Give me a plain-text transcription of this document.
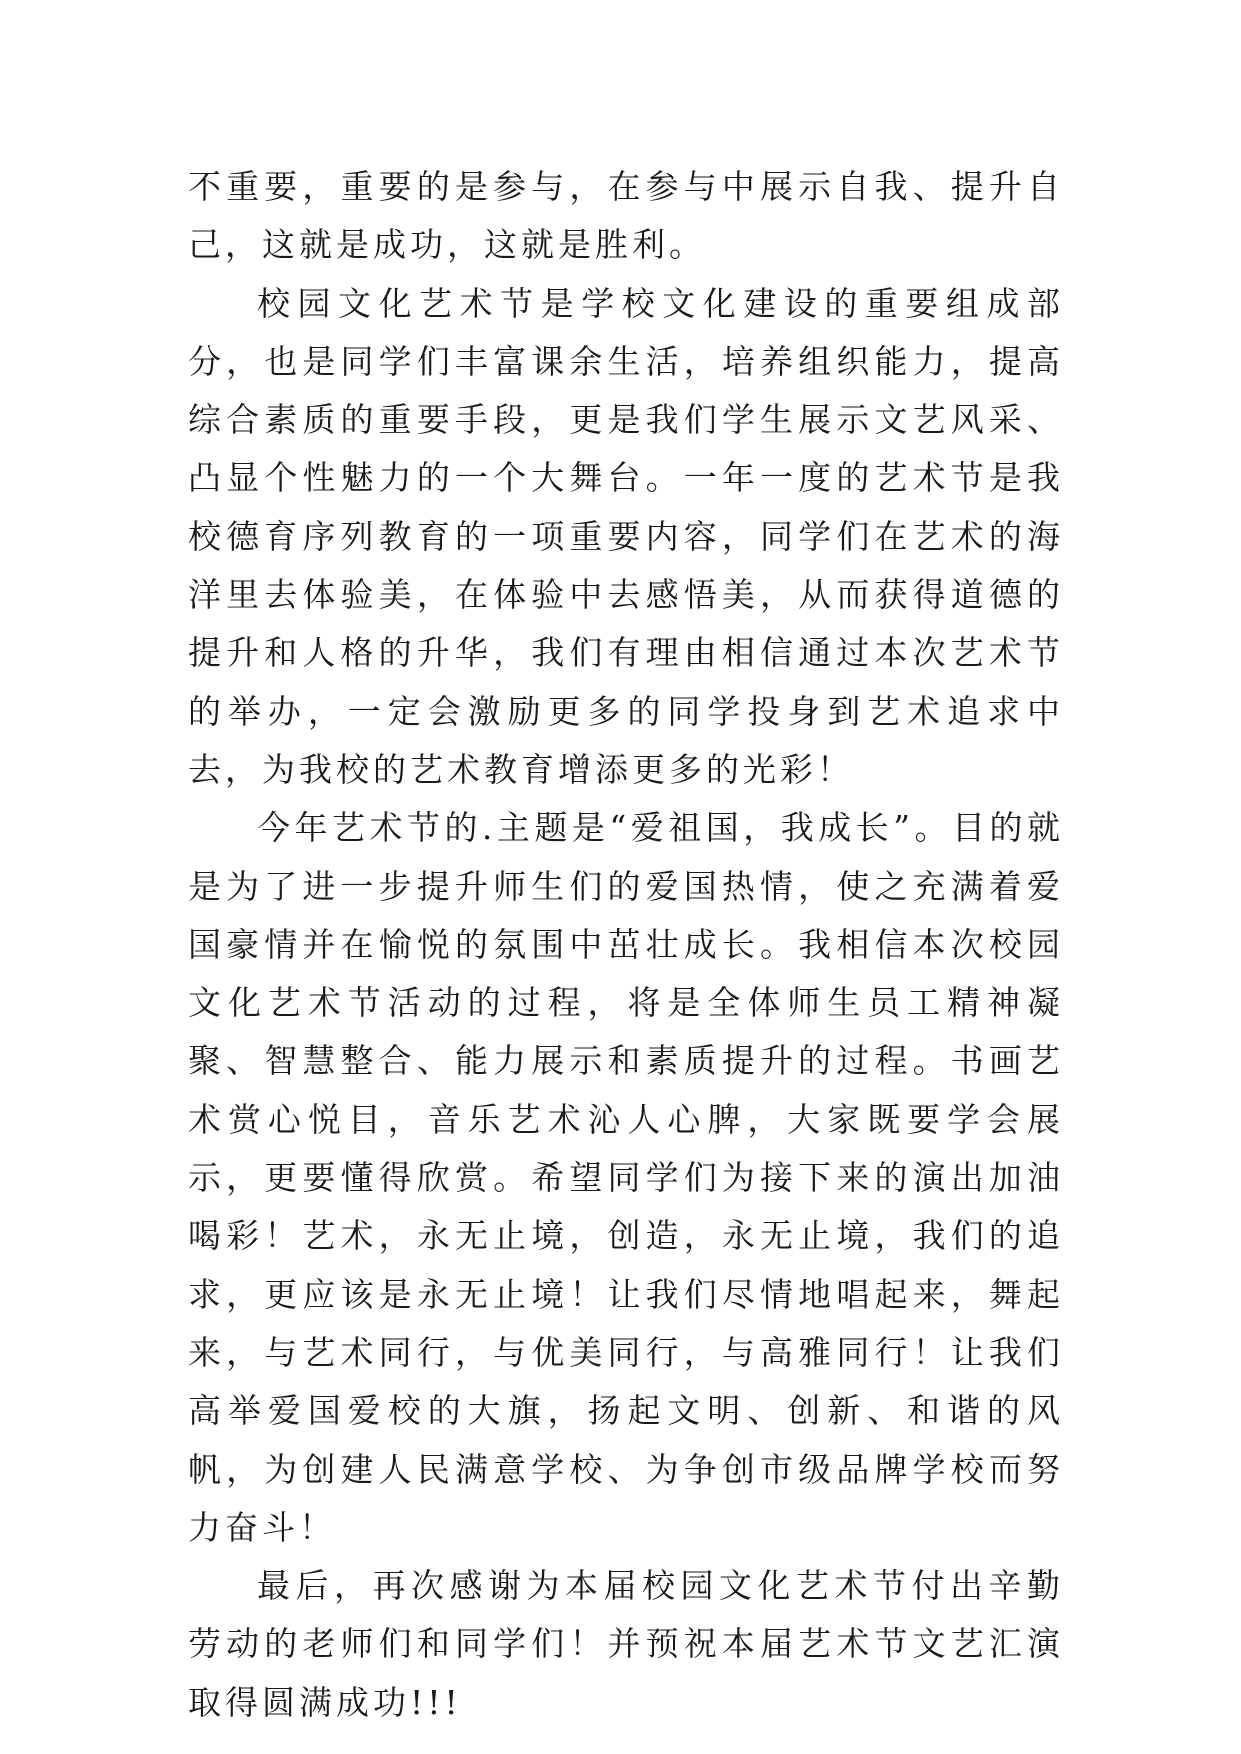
不重要，重要的是参与，在参与中展示自我、提升自己，这就是成功，这就是胜利。

校园文化艺术节是学校文化建设的重要组成部分，也是同学们丰富课余生活，培养组织能力，提高综合素质的重要手段，更是我们学生展示文艺风采、凸显个性魅力的一个大舞台。一年一度的艺术节是我校德育序列教育的一项重要内容，同学们在艺术的海洋里去体验美，在体验中去感悟美，从而获得道德的提升和人格的升华，我们有理由相信通过本次艺术节的举办，一定会激励更多的同学投身到艺术追求中去，为我校的艺术教育增添更多的光彩！

今年艺术节的.主题是“爱祖国，我成长”。目的就是为了进一步提升师生们的爱国热情，使之充满着爱国豪情并在愉悦的氛围中茁壮成长。我相信本次校园文化艺术节活动的过程，将是全体师生员工精神凝聚、智慧整合、能力展示和素质提升的过程。书画艺术赏心悦目，音乐艺术沁人心脾，大家既要学会展示，更要懂得欣赏。希望同学们为接下来的演出加油喝彩！艺术，永无止境，创造，永无止境，我们的追求，更应该是永无止境！让我们尽情地唱起来，舞起来，与艺术同行，与优美同行，与高雅同行！让我们高举爱国爱校的大旗，扬起文明、创新、和谐的风帆，为创建人民满意学校、为争创市级品牌学校而努力奋斗！

最后，再次感谢为本届校园文化艺术节付出辛勤劳动的老师们和同学们！并预祝本届艺术节文艺汇演取得圆满成功!!!
